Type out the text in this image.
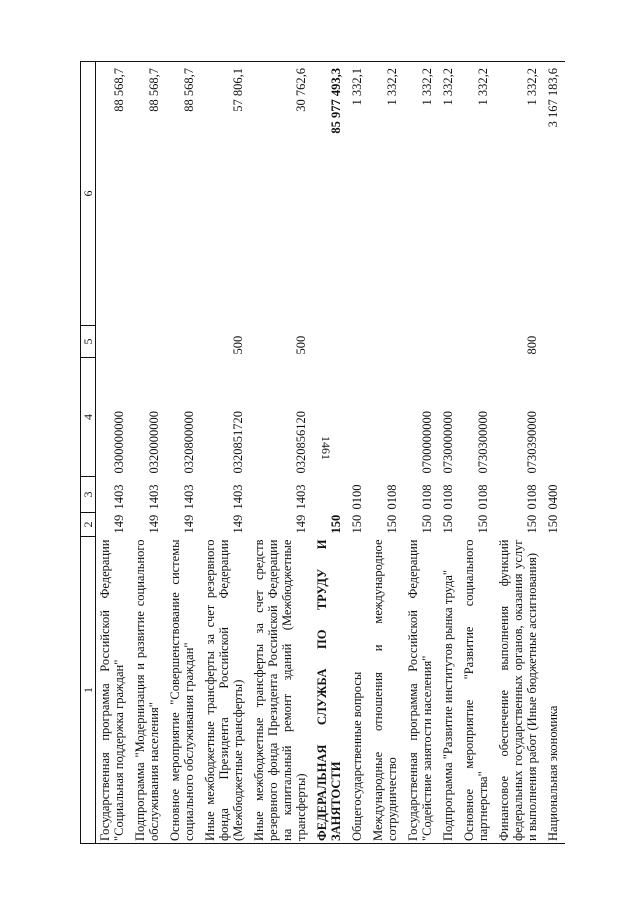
1461
1	2	3	4	5	6
Государственная программа Российской Федерации "Социальная поддержка граждан"	149	1403	0300000000		88 568,7
Подпрограмма "Модернизация и развитие социального обслуживания населения"	149	1403	0320000000		88 568,7
Основное мероприятие "Совершенствование системы социального обслуживания граждан"	149	1403	0320800000		88 568,7
Иные межбюджетные трансферты за счет резервного фонда Президента Российской Федерации (Межбюджетные трансферты)	149	1403	0320851720	500	57 806,1
Иные межбюджетные трансферты за счет средств резервного фонда Президента Российской Федерации на капитальный ремонт зданий (Межбюджетные трансферты)	149	1403	0320856120	500	30 762,6
ФЕДЕРАЛЬНАЯ СЛУЖБА ПО ТРУДУ И ЗАНЯТОСТИ	150				85 977 493,3
Общегосударственные вопросы	150	0100			1 332,1
Международные отношения и международное сотрудничество	150	0108			1 332,2
Государственная программа Российской Федерации "Содействие занятости населения"	150	0108	0700000000		1 332,2
Подпрограмма "Развитие институтов рынка труда"	150	0108	0730000000		1 332,2
Основное мероприятие "Развитие социального партнерства"	150	0108	0730300000		1 332,2
Финансовое обеспечение выполнения функций федеральных государственных органов, оказания услуг и выполнения работ (Иные бюджетные ассигнования)	150	0108	0730390000	800	1 332,2
Национальная экономика	150	0400			3 167 183,6
